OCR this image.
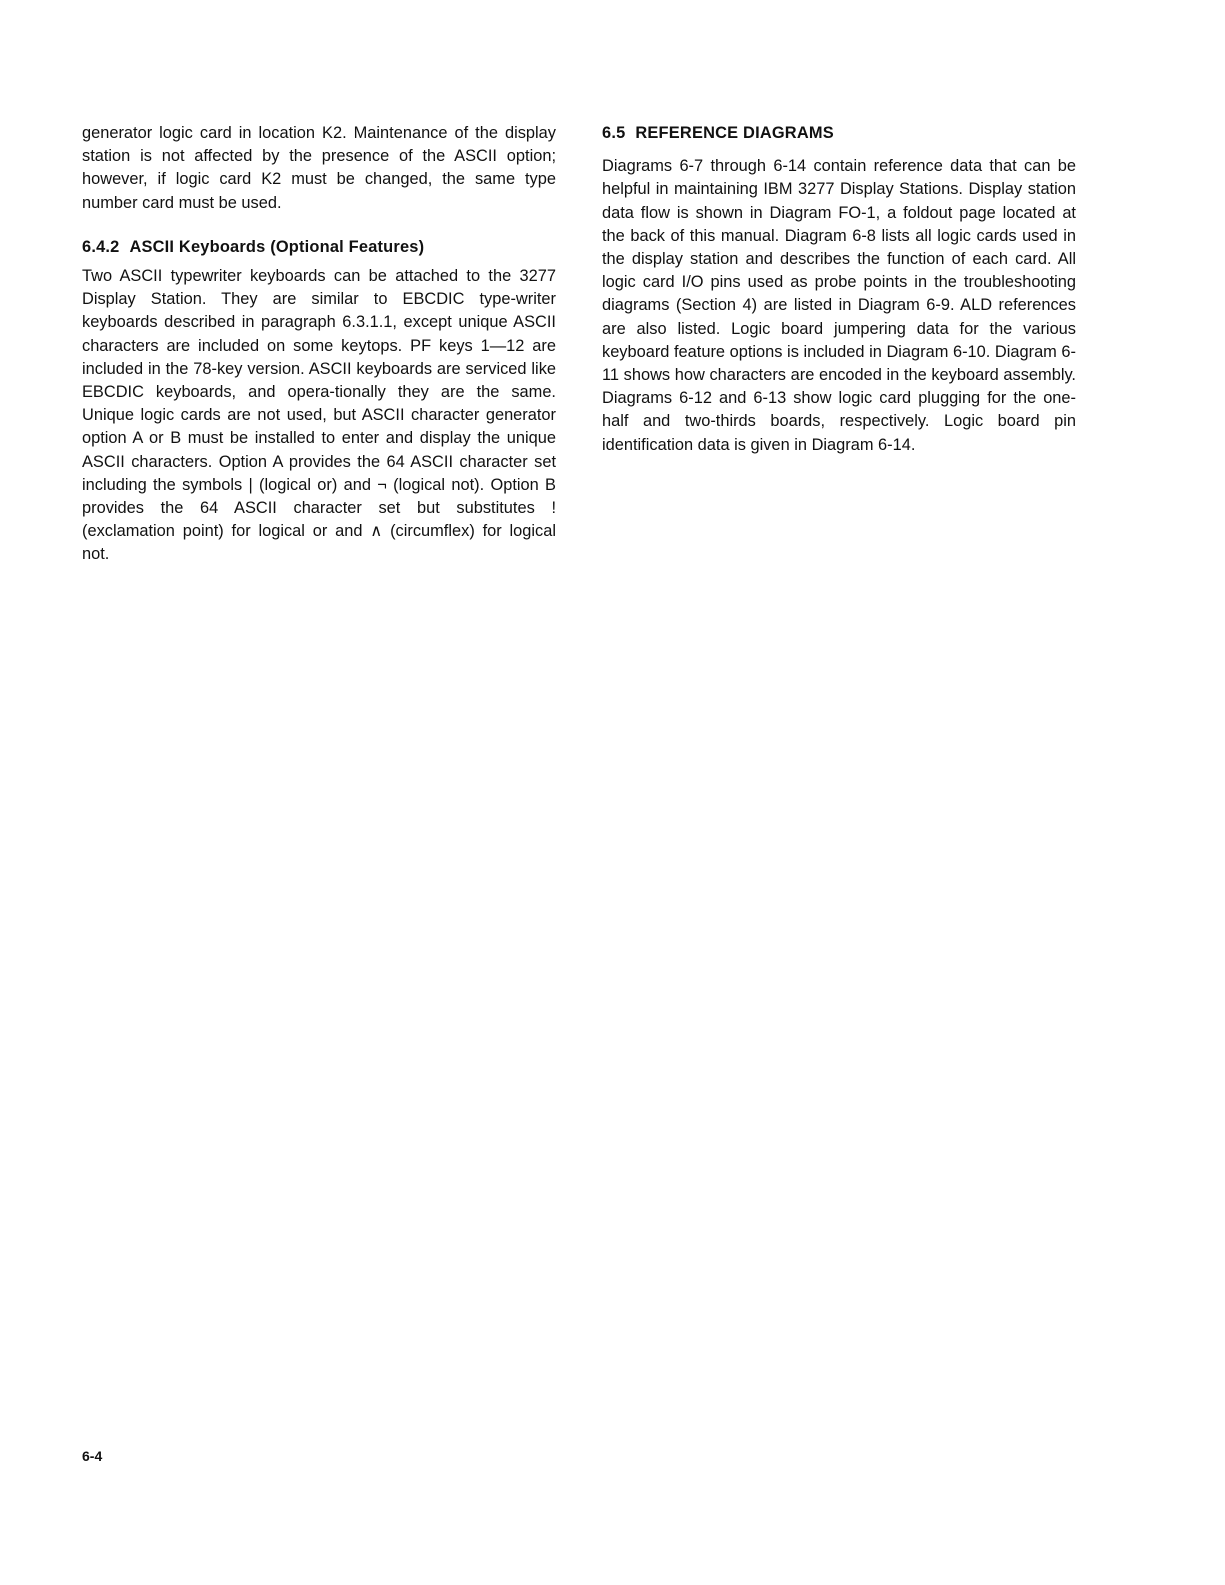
generator logic card in location K2. Maintenance of the display station is not affected by the presence of the ASCII option; however, if logic card K2 must be changed, the same type number card must be used.

6.4.2 ASCII Keyboards (Optional Features)

Two ASCII typewriter keyboards can be attached to the 3277 Display Station. They are similar to EBCDIC type-writer keyboards described in paragraph 6.3.1.1, except unique ASCII characters are included on some keytops. PF keys 1—12 are included in the 78-key version. ASCII keyboards are serviced like EBCDIC keyboards, and opera-tionally they are the same. Unique logic cards are not used, but ASCII character generator option A or B must be installed to enter and display the unique ASCII characters. Option A provides the 64 ASCII character set including the symbols | (logical or) and ¬ (logical not). Option B provides the 64 ASCII character set but substitutes ! (exclamation point) for logical or and ∧ (circumflex) for logical not.

6.5 REFERENCE DIAGRAMS

Diagrams 6-7 through 6-14 contain reference data that can be helpful in maintaining IBM 3277 Display Stations. Display station data flow is shown in Diagram FO-1, a foldout page located at the back of this manual. Diagram 6-8 lists all logic cards used in the display station and describes the function of each card. All logic card I/O pins used as probe points in the troubleshooting diagrams (Section 4) are listed in Diagram 6-9. ALD references are also listed. Logic board jumpering data for the various keyboard feature options is included in Diagram 6-10. Diagram 6-11 shows how characters are encoded in the keyboard assembly. Diagrams 6-12 and 6-13 show logic card plugging for the one-half and two-thirds boards, respectively. Logic board pin identification data is given in Diagram 6-14.

6-4
